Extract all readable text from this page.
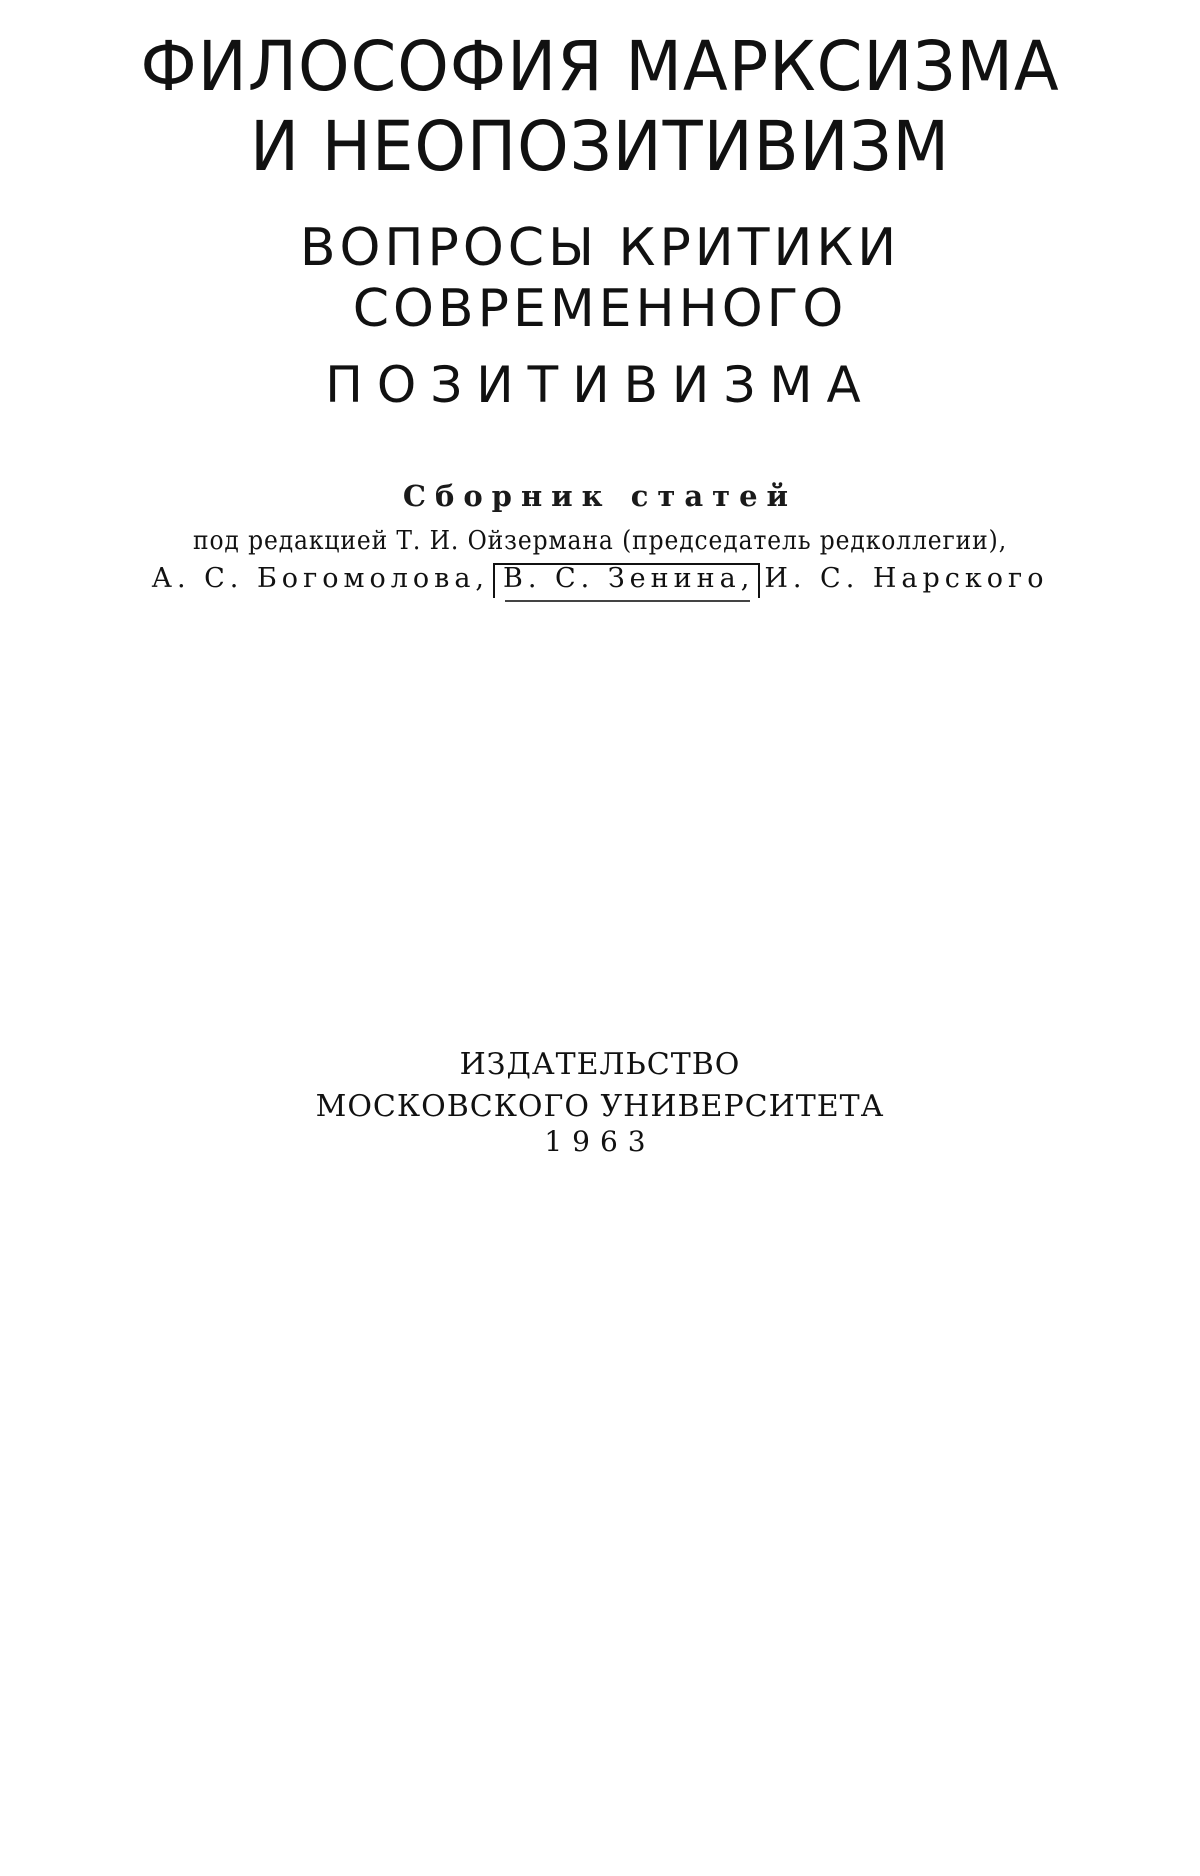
ФИЛОСОФИЯ МАРКСИЗМА
И НЕОПОЗИТИВИЗМ
ВОПРОСЫ КРИТИКИ
СОВРЕМЕННОГО
ПОЗИТИВИЗМА
Сборник статей
под редакцией Т. И. Ойзермана (председатель редколлегии),
А. С. Богомолова, В. С. Зенина, И. С. Нарского
ИЗДАТЕЛЬСТВО
МОСКОВСКОГО УНИВЕРСИТЕТА
1963
